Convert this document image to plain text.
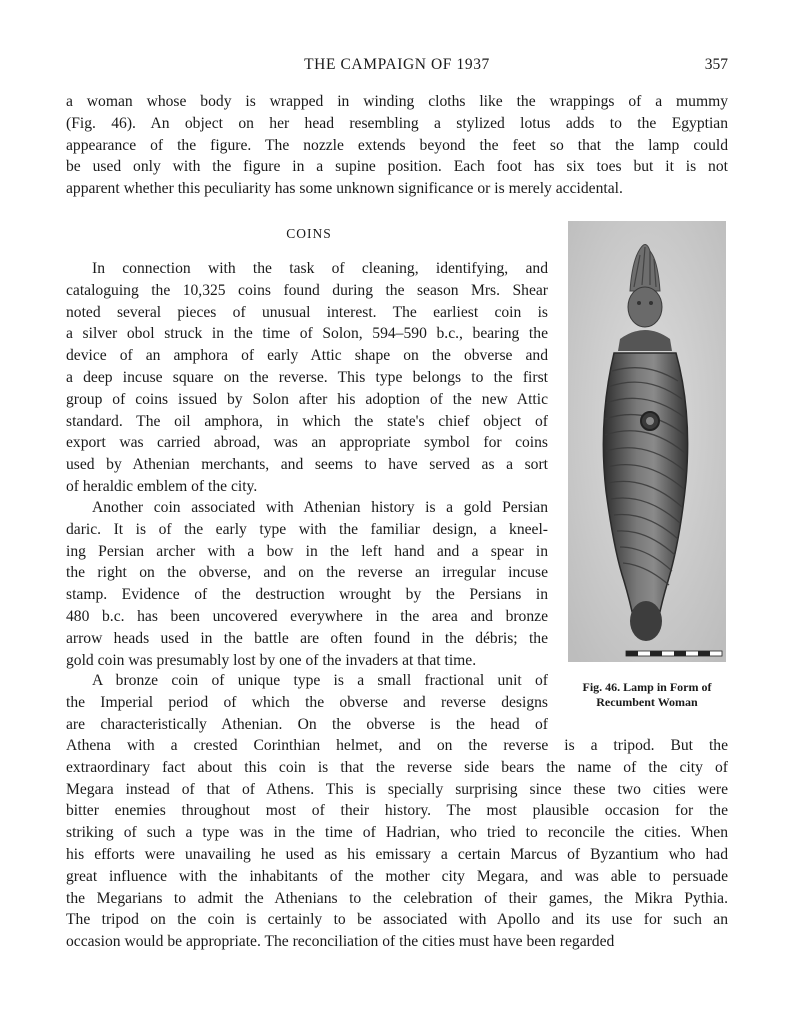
THE CAMPAIGN OF 1937	357
a woman whose body is wrapped in winding cloths like the wrappings of a mummy
(Fig. 46). An object on her head resembling a stylized lotus adds to the Egyptian
appearance of the figure. The nozzle extends beyond the feet so that the lamp could
be used only with the figure in a supine position. Each foot has six toes but it is not
apparent whether this peculiarity has some unknown significance or is merely accidental.
COINS
In connection with the task of cleaning, identifying, and
cataloguing the 10,325 coins found during the season Mrs. Shear
noted several pieces of unusual interest. The earliest coin is
a silver obol struck in the time of Solon, 594–590 b.c., bearing the
device of an amphora of early Attic shape on the obverse and
a deep incuse square on the reverse. This type belongs to the first
group of coins issued by Solon after his adoption of the new Attic
standard. The oil amphora, in which the state's chief object of
export was carried abroad, was an appropriate symbol for coins
used by Athenian merchants, and seems to have served as a sort
of heraldic emblem of the city.
Another coin associated with Athenian history is a gold Persian
daric. It is of the early type with the familiar design, a kneel-
ing Persian archer with a bow in the left hand and a spear in
the right on the obverse, and on the reverse an irregular incuse
stamp. Evidence of the destruction wrought by the Persians in
480 b.c. has been uncovered everywhere in the area and bronze
arrow heads used in the battle are often found in the débris; the
gold coin was presumably lost by one of the invaders at that time.
A bronze coin of unique type is a small fractional unit of
the Imperial period of which the obverse and reverse designs
are characteristically Athenian. On the obverse is the head of
Athena with a crested Corinthian helmet, and on the reverse is a tripod. But the
extraordinary fact about this coin is that the reverse side bears the name of the city of
Megara instead of that of Athens. This is specially surprising since these two cities were
bitter enemies throughout most of their history. The most plausible occasion for the
striking of such a type was in the time of Hadrian, who tried to reconcile the cities. When
his efforts were unavailing he used as his emissary a certain Marcus of Byzantium who had
great influence with the inhabitants of the mother city Megara, and was able to persuade
the Megarians to admit the Athenians to the celebration of their games, the Mikra Pythia.
The tripod on the coin is certainly to be associated with Apollo and its use for such an
occasion would be appropriate. The reconciliation of the cities must have been regarded
Fig. 46. Lamp in Form of
Recumbent Woman
